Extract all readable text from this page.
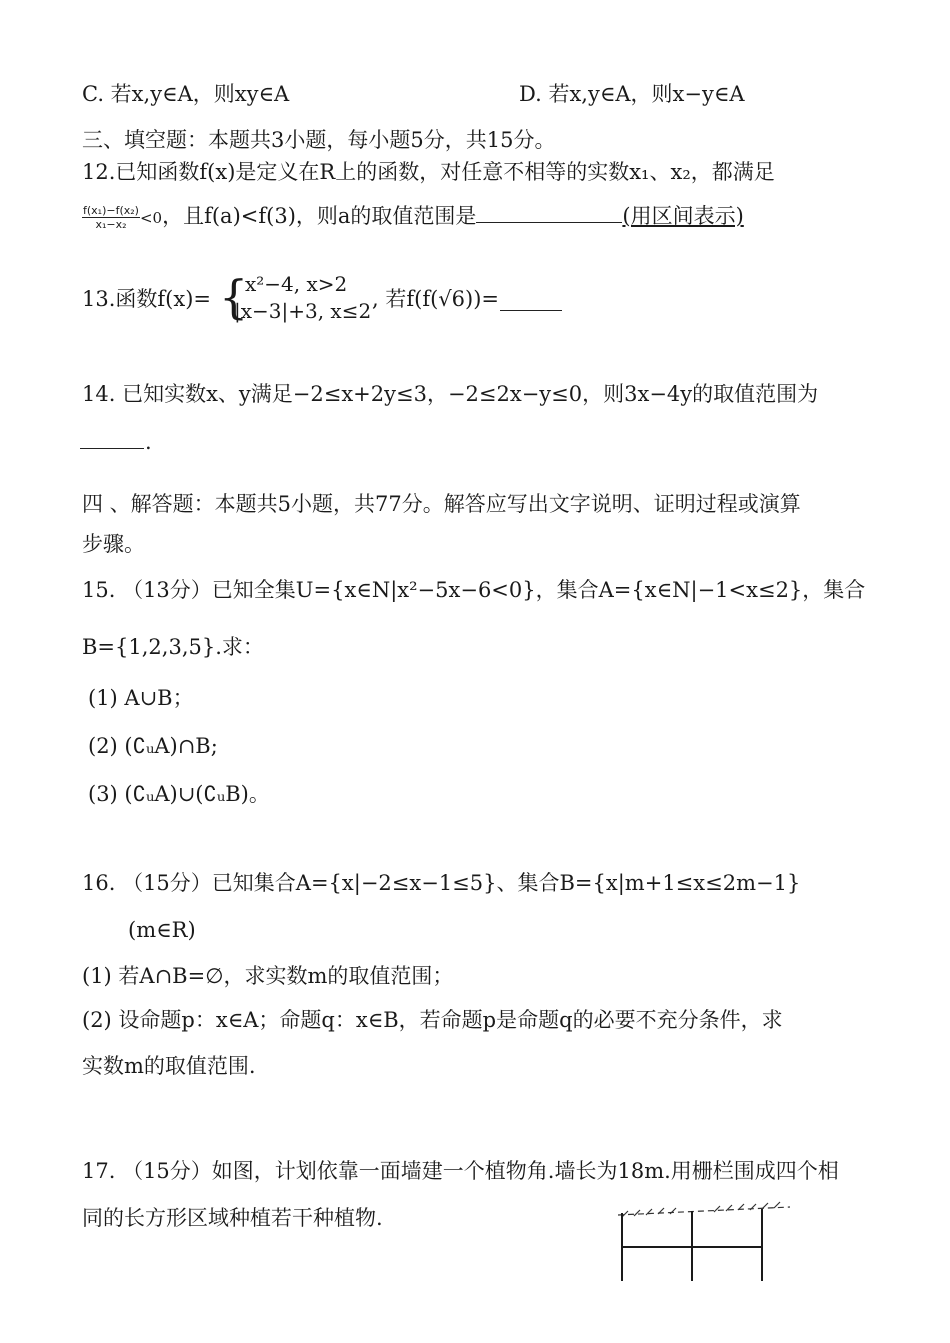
C. 若x,y∈A，则xy∈A	D. 若x,y∈A，则x−y∈A
三、填空题：本题共3小题，每小题5分，共15分。
12.已知函数f(x)是定义在R上的函数，对任意不相等的实数x₁、x₂，都满足
$\frac{\text{f(x₁)−f(x₂)}}{\text{x₁−x₂}} <0$，且f(a)<f(3)，则a的取值范围是	(用区间表示)
13.函数f(x)= {
x²−4, x>2
|x−3|+3, x≤2 , 若f(f(√6))=
14. 已知实数x、y满足−2≤x+2y≤3，−2≤2x−y≤0，则3x−4y的取值范围为
.
四 、解答题：本题共5小题，共77分。解答应写出文字说明、证明过程或演算
步骤。
15. （13分）已知全集U={x∈N|x²−5x−6<0}，集合A={x∈N|−1<x≤2}，集合
B={1,2,3,5}.求：
(1) A∪B；
(2) (∁ᵤA)∩B;
(3) (∁ᵤA)∪(∁ᵤB)。
16. （15分）已知集合A={x|−2≤x−1≤5}、集合B={x|m+1≤x≤2m−1}
(m∈R)
(1) 若A∩B=∅，求实数m的取值范围；
(2) 设命题p：x∈A；命题q：x∈B，若命题p是命题q的必要不充分条件，求
实数m的取值范围.
17. （15分）如图，计划依靠一面墙建一个植物角.墙长为18m.用栅栏围成四个相
同的长方形区域种植若干种植物.
